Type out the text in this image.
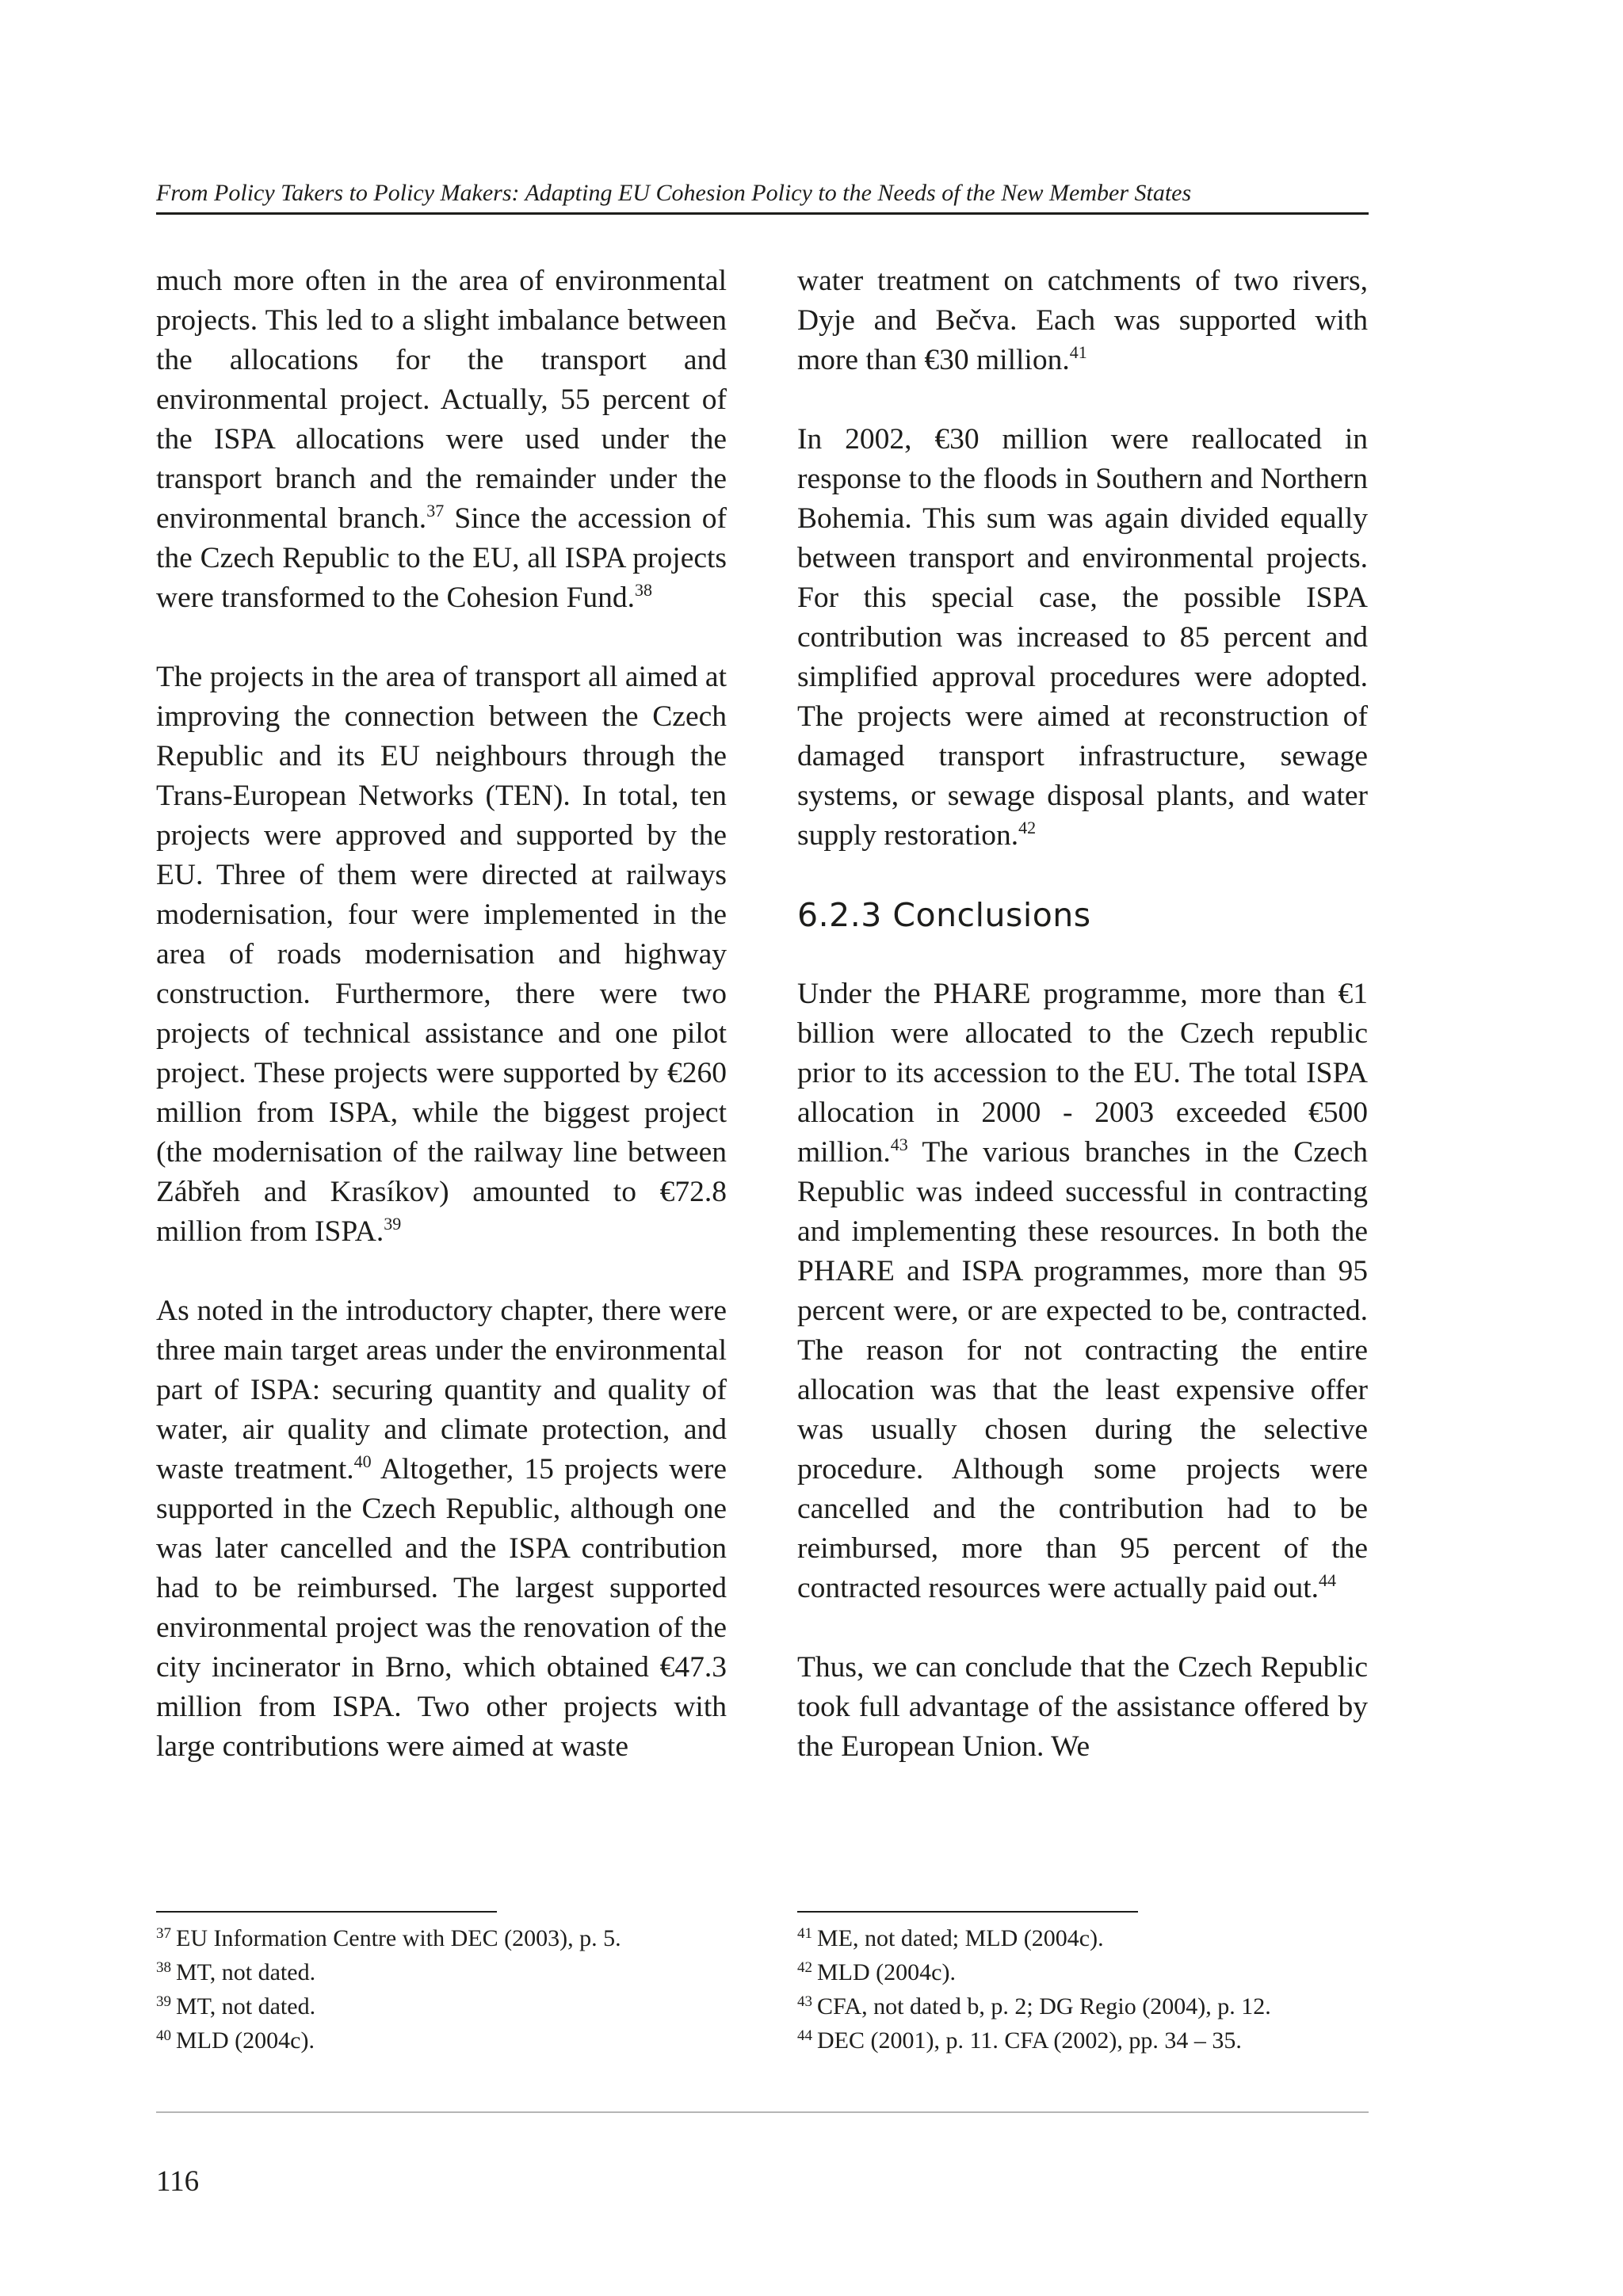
From Policy Takers to Policy Makers: Adapting EU Cohesion Policy to the Needs of the New Member States

much more often in the area of environmental projects. This led to a slight imbalance between the allocations for the transport and environmental project. Actually, 55 percent of the ISPA allocations were used under the transport branch and the remainder under the environmental branch.$^{37}$ Since the accession of the Czech Republic to the EU, all ISPA projects were transformed to the Cohesion Fund.$^{38}$

The projects in the area of transport all aimed at improving the connection between the Czech Republic and its EU neighbours through the Trans-European Networks (TEN). In total, ten projects were approved and supported by the EU. Three of them were directed at railways modernisation, four were implemented in the area of roads modernisation and highway construction. Furthermore, there were two projects of technical assistance and one pilot project. These projects were supported by €260 million from ISPA, while the biggest project (the modernisation of the railway line between Zábřeh and Krasíkov) amounted to €72.8 million from ISPA.$^{39}$

As noted in the introductory chapter, there were three main target areas under the environmental part of ISPA: securing quantity and quality of water, air quality and climate protection, and waste treatment.$^{40}$ Altogether, 15 projects were supported in the Czech Republic, although one was later cancelled and the ISPA contribution had to be reimbursed. The largest supported environmental project was the renovation of the city incinerator in Brno, which obtained €47.3 million from ISPA. Two other projects with large contributions were aimed at waste

water treatment on catchments of two rivers, Dyje and Bečva. Each was supported with more than €30 million.$^{41}$

In 2002, €30 million were reallocated in response to the floods in Southern and Northern Bohemia. This sum was again divided equally between transport and environmental projects. For this special case, the possible ISPA contribution was increased to 85 percent and simplified approval procedures were adopted. The projects were aimed at reconstruction of damaged transport infrastructure, sewage systems, or sewage disposal plants, and water supply restoration.$^{42}$

6.2.3 Conclusions

Under the PHARE programme, more than €1 billion were allocated to the Czech republic prior to its accession to the EU. The total ISPA allocation in 2000 - 2003 exceeded €500 million.$^{43}$ The various branches in the Czech Republic was indeed successful in contracting and implementing these resources. In both the PHARE and ISPA programmes, more than 95 percent were, or are expected to be, contracted. The reason for not contracting the entire allocation was that the least expensive offer was usually chosen during the selective procedure. Although some projects were cancelled and the contribution had to be reimbursed, more than 95 percent of the contracted resources were actually paid out.$^{44}$

Thus, we can conclude that the Czech Republic took full advantage of the assistance offered by the European Union. We

$^{37}$ EU Information Centre with DEC (2003), p. 5.
$^{38}$ MT, not dated.
$^{39}$ MT, not dated.
$^{40}$ MLD (2004c).
$^{41}$ ME, not dated; MLD (2004c).
$^{42}$ MLD (2004c).
$^{43}$ CFA, not dated b, p. 2; DG Regio (2004), p. 12.
$^{44}$ DEC (2001), p. 11. CFA (2002), pp. 34 – 35.
116
